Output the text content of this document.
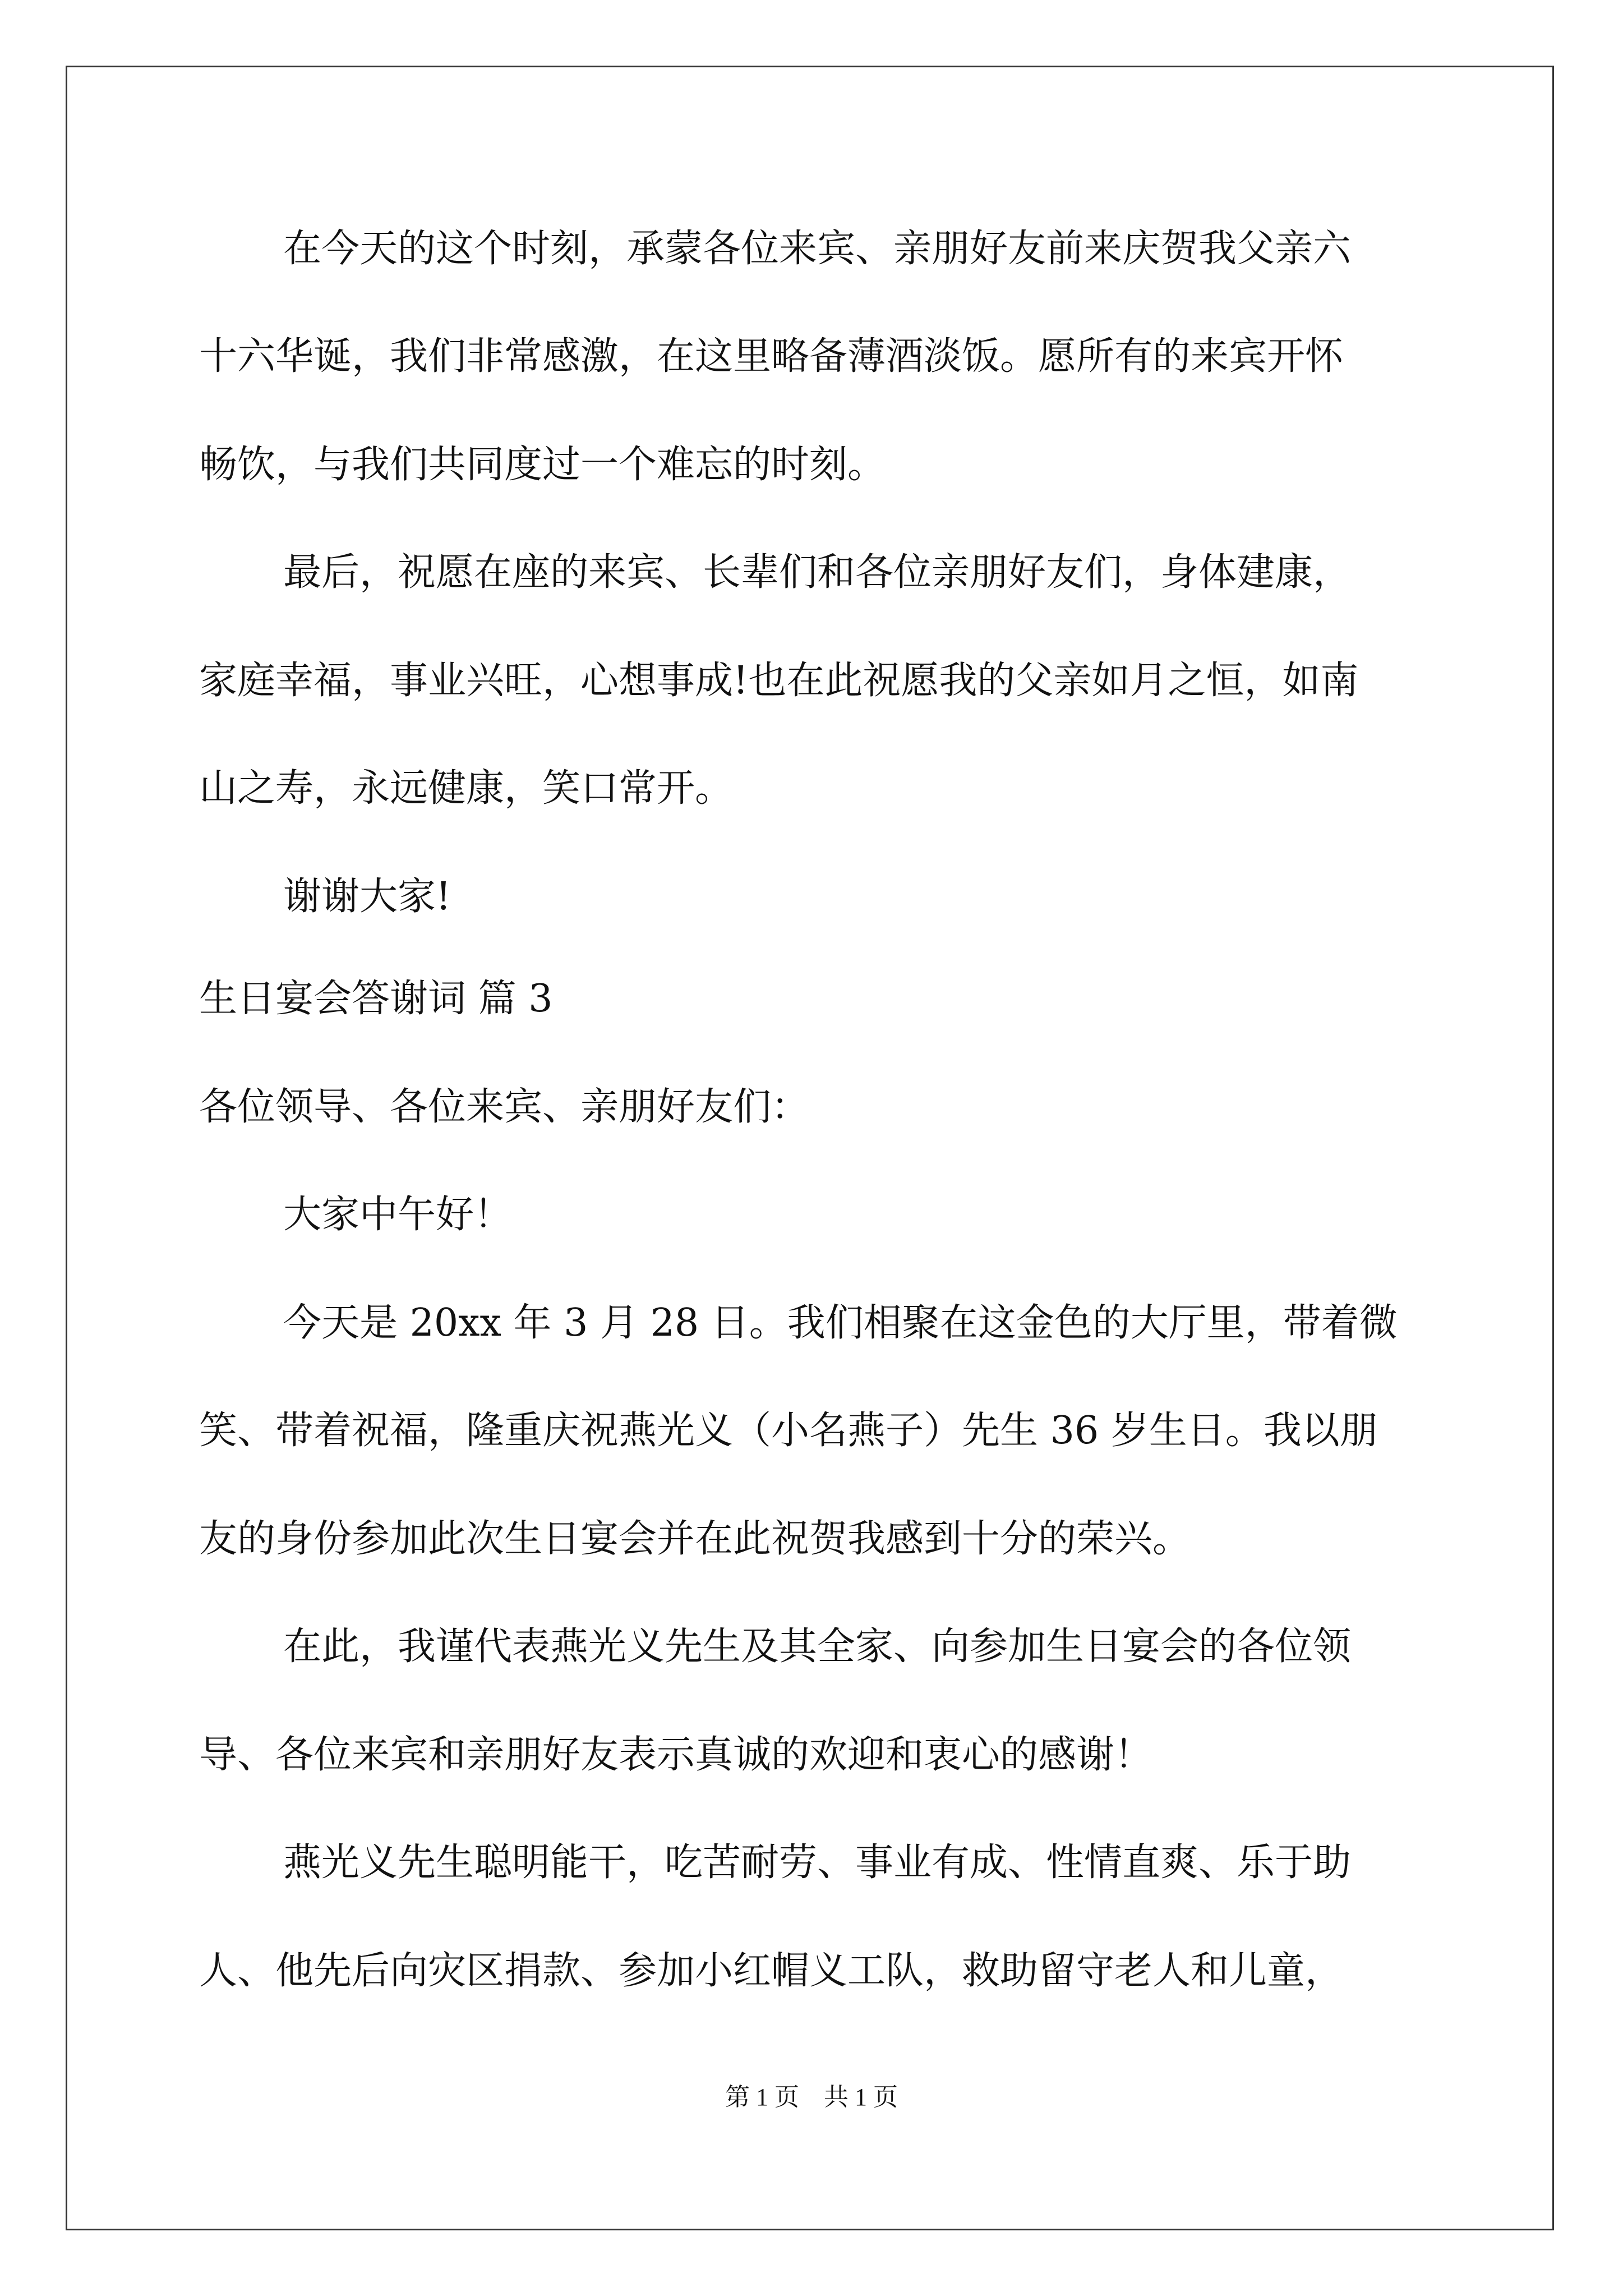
在今天的这个时刻，承蒙各位来宾、亲朋好友前来庆贺我父亲六

十六华诞，我们非常感激，在这里略备薄酒淡饭。愿所有的来宾开怀

畅饮，与我们共同度过一个难忘的时刻。

最后，祝愿在座的来宾、长辈们和各位亲朋好友们，身体建康，

家庭幸福，事业兴旺，心想事成!也在此祝愿我的父亲如月之恒，如南

山之寿，永远健康，笑口常开。

谢谢大家!

生日宴会答谢词 篇 3

各位领导、各位来宾、亲朋好友们：

大家中午好！

今天是 20xx 年 3 月 28 日。我们相聚在这金色的大厅里，带着微

笑、带着祝福，隆重庆祝燕光义（小名燕子）先生 36 岁生日。我以朋

友的身份参加此次生日宴会并在此祝贺我感到十分的荣兴。

在此，我谨代表燕光义先生及其全家、向参加生日宴会的各位领

导、各位来宾和亲朋好友表示真诚的欢迎和衷心的感谢！

燕光义先生聪明能干，吃苦耐劳、事业有成、性情直爽、乐于助

人、他先后向灾区捐款、参加小红帽义工队，救助留守老人和儿童，

第 1 页    共 1 页
